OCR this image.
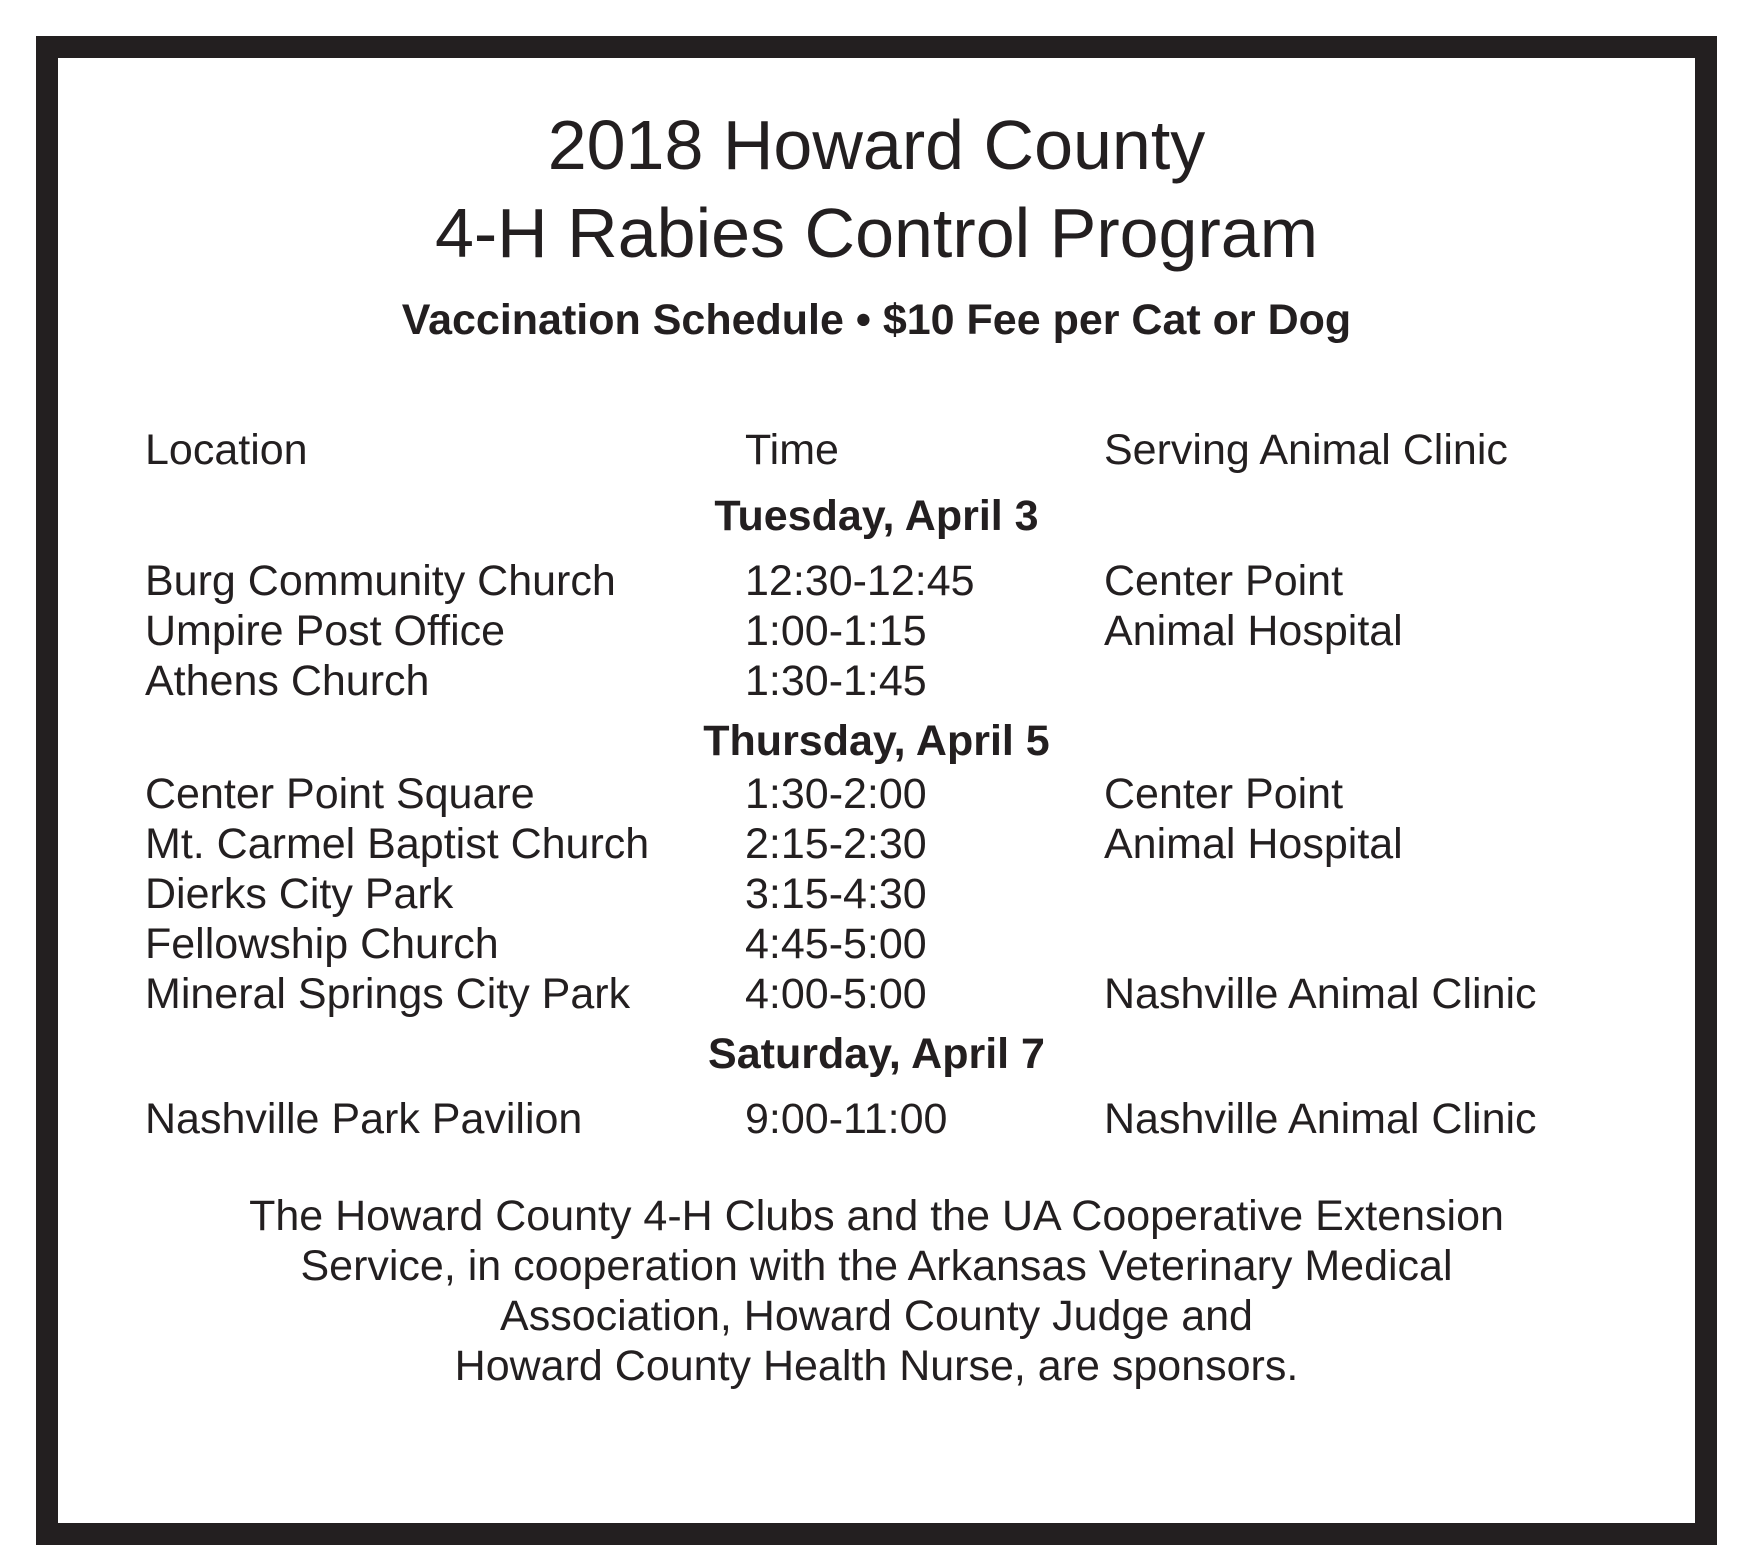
2018 Howard County
4-H Rabies Control Program
Vaccination Schedule • $10 Fee per Cat or Dog
Location	Time	Serving Animal Clinic
Tuesday, April 3
Burg Community Church	12:30-12:45	Center Point
Umpire Post Office	1:00-1:15	Animal Hospital
Athens Church	1:30-1:45
Thursday, April 5
Center Point Square	1:30-2:00	Center Point
Mt. Carmel Baptist Church 2:15-2:30	Animal Hospital
Dierks City Park	3:15-4:30
Fellowship Church	4:45-5:00
Mineral Springs City Park	4:00-5:00	Nashville Animal Clinic
Saturday, April 7
Nashville Park Pavilion	9:00-11:00	Nashville Animal Clinic
The Howard County 4-H Clubs and the UA Cooperative Extension
Service, in cooperation with the Arkansas Veterinary Medical
Association, Howard County Judge and
Howard County Health Nurse, are sponsors.
